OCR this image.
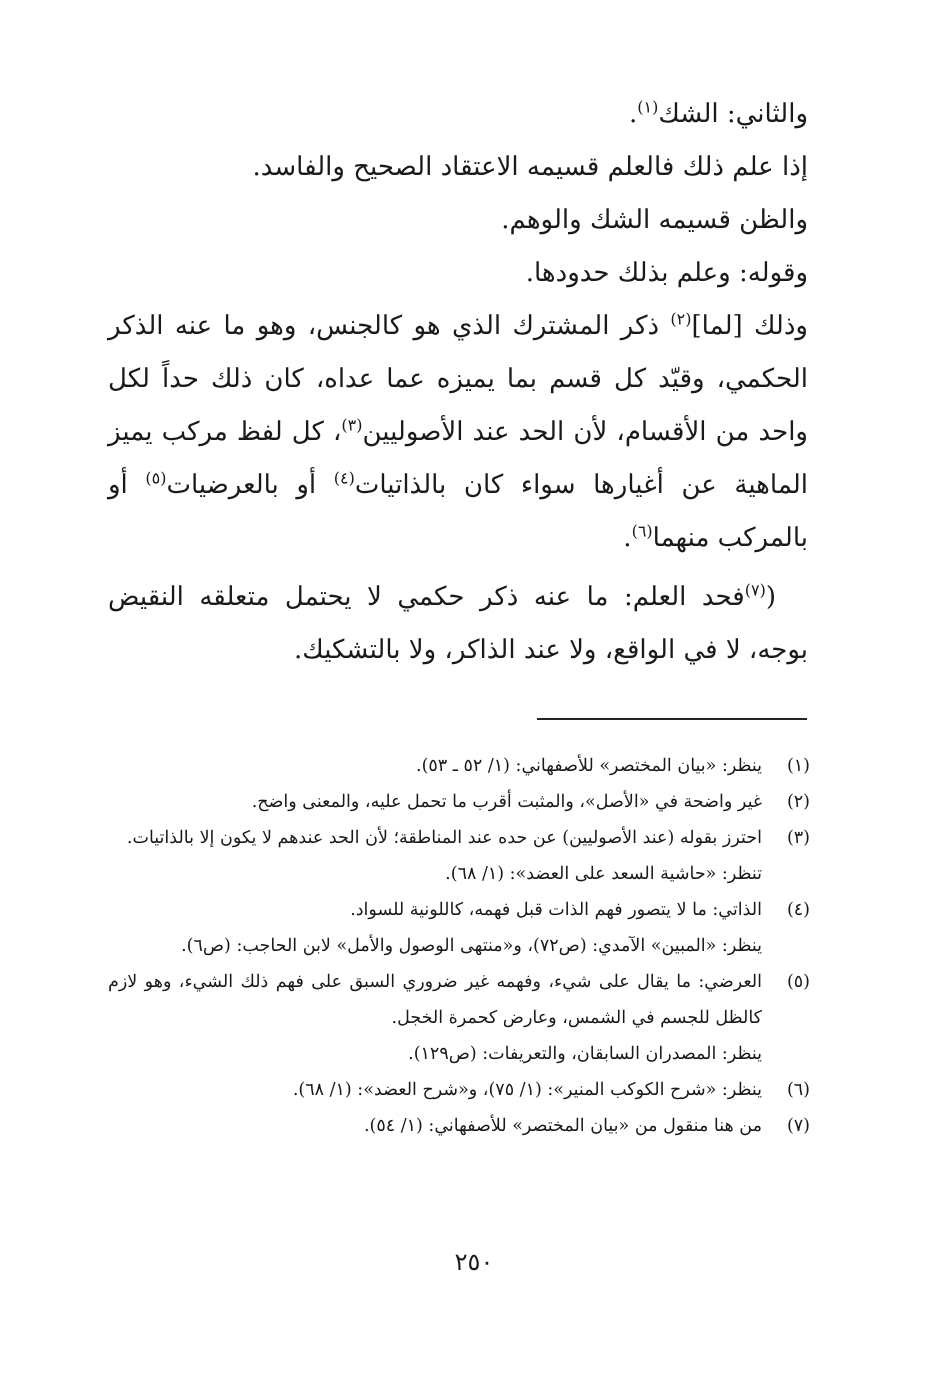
والثاني: الشك$^{(١)}$.

إذا علم ذلك فالعلم قسيمه الاعتقاد الصحيح والفاسد.

والظن قسيمه الشك والوهم.

وقوله: وعلم بذلك حدودها.

وذلك [لما]$^{(٢)}$ ذكر المشترك الذي هو كالجنس، وهو ما عنه الذكر الحكمي، وقيّد كل قسم بما يميزه عما عداه، كان ذلك حداً لكل واحد من الأقسام، لأن الحد عند الأصوليين$^{(٣)}$، كل لفظ مركب يميز الماهية عن أغيارها سواء كان بالذاتيات$^{(٤)}$ أو بالعرضيات$^{(٥)}$ أو بالمركب منهما$^{(٦)}$.

($^{(٧)}$فحد العلم: ما عنه ذكر حكمي لا يحتمل متعلقه النقيض بوجه، لا في الواقع، ولا عند الذاكر، ولا بالتشكيك.

(١)
ينظر: «بيان المختصر» للأصفهاني: (١/ ٥٢ ـ ٥٣).
(٢)
غير واضحة في «الأصل»، والمثبت أقرب ما تحمل عليه، والمعنى واضح.
(٣)
احترز بقوله (عند الأصوليين) عن حده عند المناطقة؛ لأن الحد عندهم لا يكون إلا بالذاتيات.
تنظر: «حاشية السعد على العضد»: (١/ ٦٨).
(٤)
الذاتي: ما لا يتصور فهم الذات قبل فهمه، كاللونية للسواد.
ينظر: «المبين» الآمدي: (ص٧٢)، و«منتهى الوصول والأمل» لابن الحاجب: (ص٦).
(٥)
العرضي: ما يقال على شيء، وفهمه غير ضروري السبق على فهم ذلك الشيء، وهو لازم كالظل للجسم في الشمس، وعارض كحمرة الخجل.
ينظر: المصدران السابقان، والتعريفات: (ص١٢٩).
(٦)
ينظر: «شرح الكوكب المنير»: (١/ ٧٥)، و«شرح العضد»: (١/ ٦٨).
(٧)
من هنا منقول من «بيان المختصر» للأصفهاني: (١/ ٥٤).
٢٥٠
